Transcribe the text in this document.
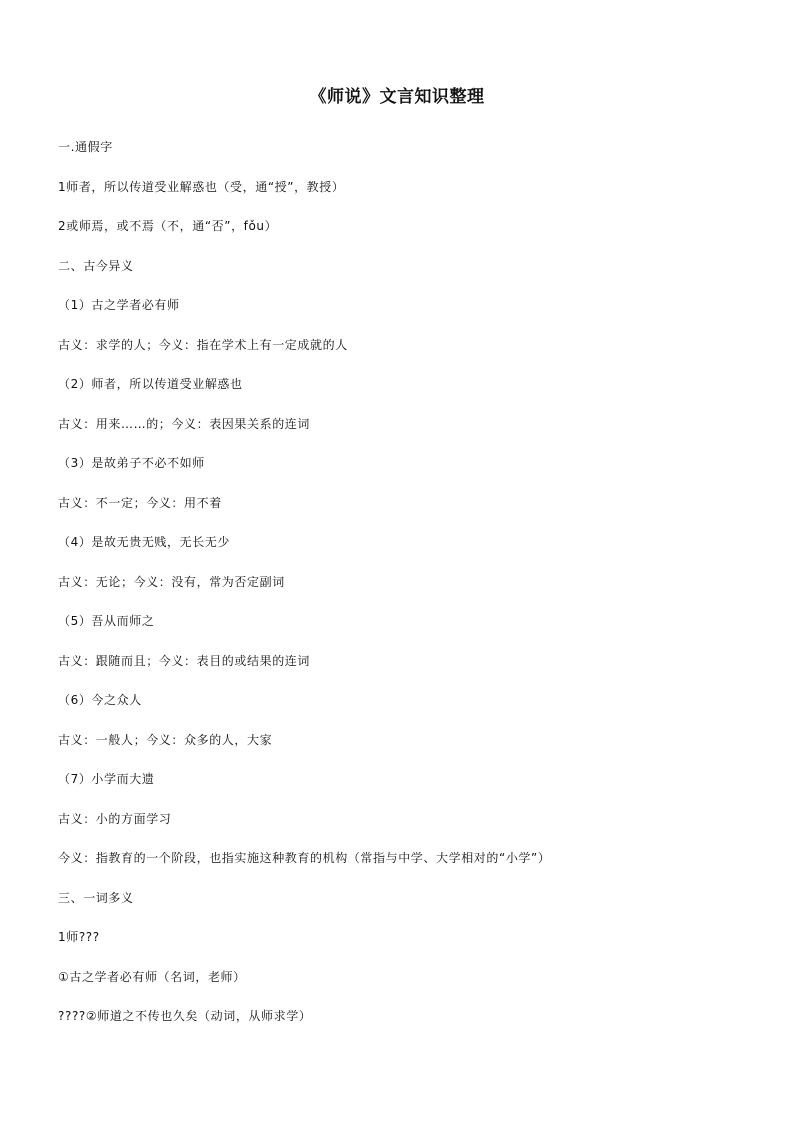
《师说》文言知识整理
一.通假字
1师者，所以传道受业解惑也（受，通“授”，教授）
2或师焉，或不焉（不，通“否”，fǒu）
二、古今异义
（1）古之学者必有师
古义：求学的人；今义：指在学术上有一定成就的人
（2）师者，所以传道受业解惑也
古义：用来……的；今义：表因果关系的连词
（3）是故弟子不必不如师
古义：不一定；今义：用不着
（4）是故无贵无贱，无长无少
古义：无论；今义：没有，常为否定副词
（5）吾从而师之
古义：跟随而且；今义：表目的或结果的连词
（6）今之众人
古义：一般人；今义：众多的人，大家
（7）小学而大遗
古义：小的方面学习
今义：指教育的一个阶段，也指实施这种教育的机构（常指与中学、大学相对的“小学”）
三、一词多义
1师???
①古之学者必有师（名词，老师）
????②师道之不传也久矣（动词，从师求学）
